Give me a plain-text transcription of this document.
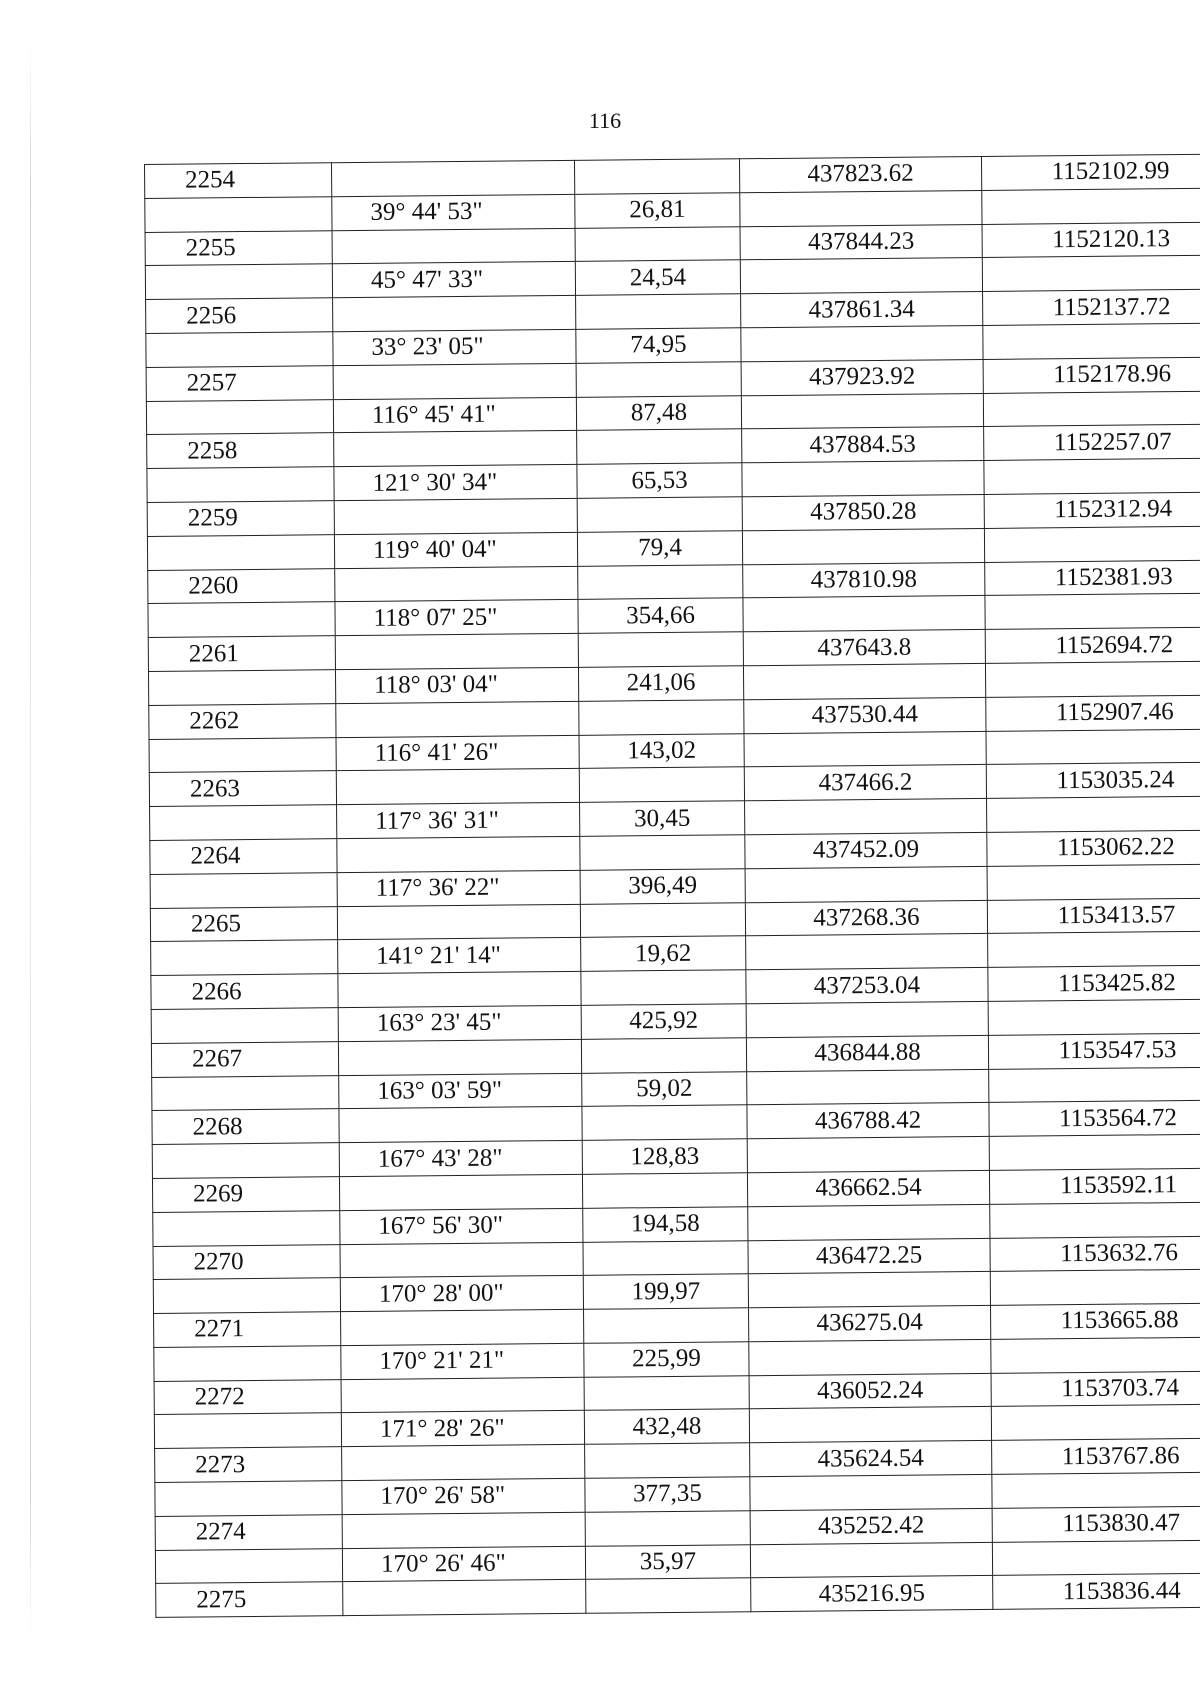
116
2254			437823.62	1152102.99
	39° 44' 53"	26,81		
2255			437844.23	1152120.13
	45° 47' 33"	24,54		
2256			437861.34	1152137.72
	33° 23' 05"	74,95		
2257			437923.92	1152178.96
	116° 45' 41"	87,48		
2258			437884.53	1152257.07
	121° 30' 34"	65,53		
2259			437850.28	1152312.94
	119° 40' 04"	79,4		
2260			437810.98	1152381.93
	118° 07' 25"	354,66		
2261			437643.8	1152694.72
	118° 03' 04"	241,06		
2262			437530.44	1152907.46
	116° 41' 26"	143,02		
2263			437466.2	1153035.24
	117° 36' 31"	30,45		
2264			437452.09	1153062.22
	117° 36' 22"	396,49		
2265			437268.36	1153413.57
	141° 21' 14"	19,62		
2266			437253.04	1153425.82
	163° 23' 45"	425,92		
2267			436844.88	1153547.53
	163° 03' 59"	59,02		
2268			436788.42	1153564.72
	167° 43' 28"	128,83		
2269			436662.54	1153592.11
	167° 56' 30"	194,58		
2270			436472.25	1153632.76
	170° 28' 00"	199,97		
2271			436275.04	1153665.88
	170° 21' 21"	225,99		
2272			436052.24	1153703.74
	171° 28' 26"	432,48		
2273			435624.54	1153767.86
	170° 26' 58"	377,35		
2274			435252.42	1153830.47
	170° 26' 46"	35,97		
2275			435216.95	1153836.44
